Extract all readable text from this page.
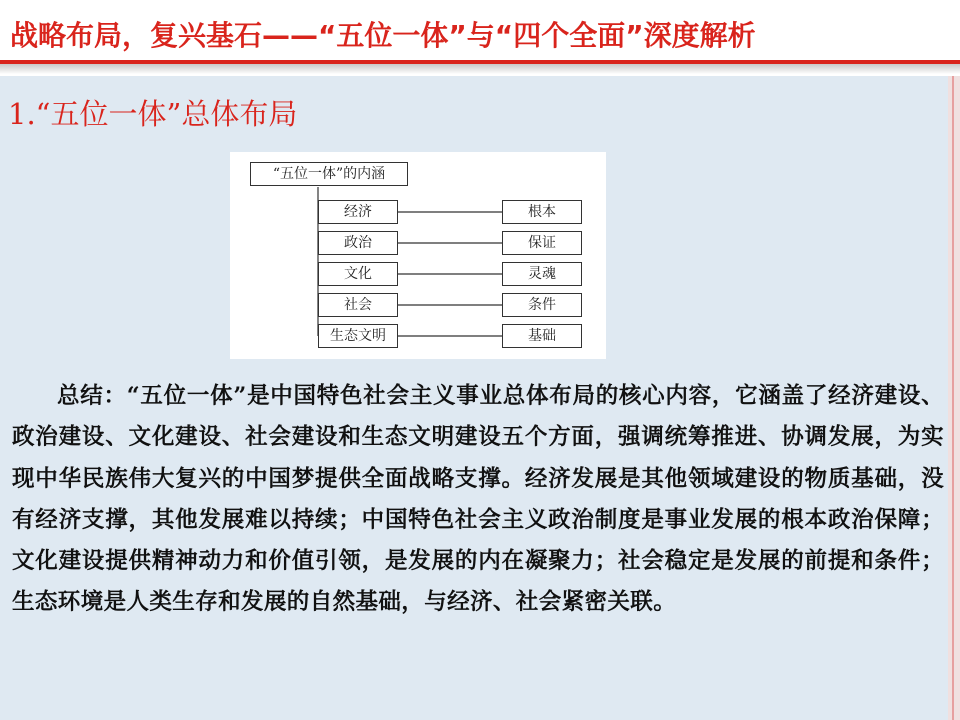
战略布局，复兴基石——“五位一体”与“四个全面”深度解析
1.“五位一体”总体布局
“五位一体”的内涵
经济
政治
文化
社会
生态文明
根本
保证
灵魂
条件
基础
总结：“五位一体”是中国特色社会主义事业总体布局的核心内容，它涵盖了经济建设、政治建设、文化建设、社会建设和生态文明建设五个方面，强调统筹推进、协调发展，为实现中华民族伟大复兴的中国梦提供全面战略支撑。经济发展是其他领域建设的物质基础，没有经济支撑，其他发展难以持续；中国特色社会主义政治制度是事业发展的根本政治保障；文化建设提供精神动力和价值引领，是发展的内在凝聚力；社会稳定是发展的前提和条件；生态环境是人类生存和发展的自然基础，与经济、社会紧密关联。
